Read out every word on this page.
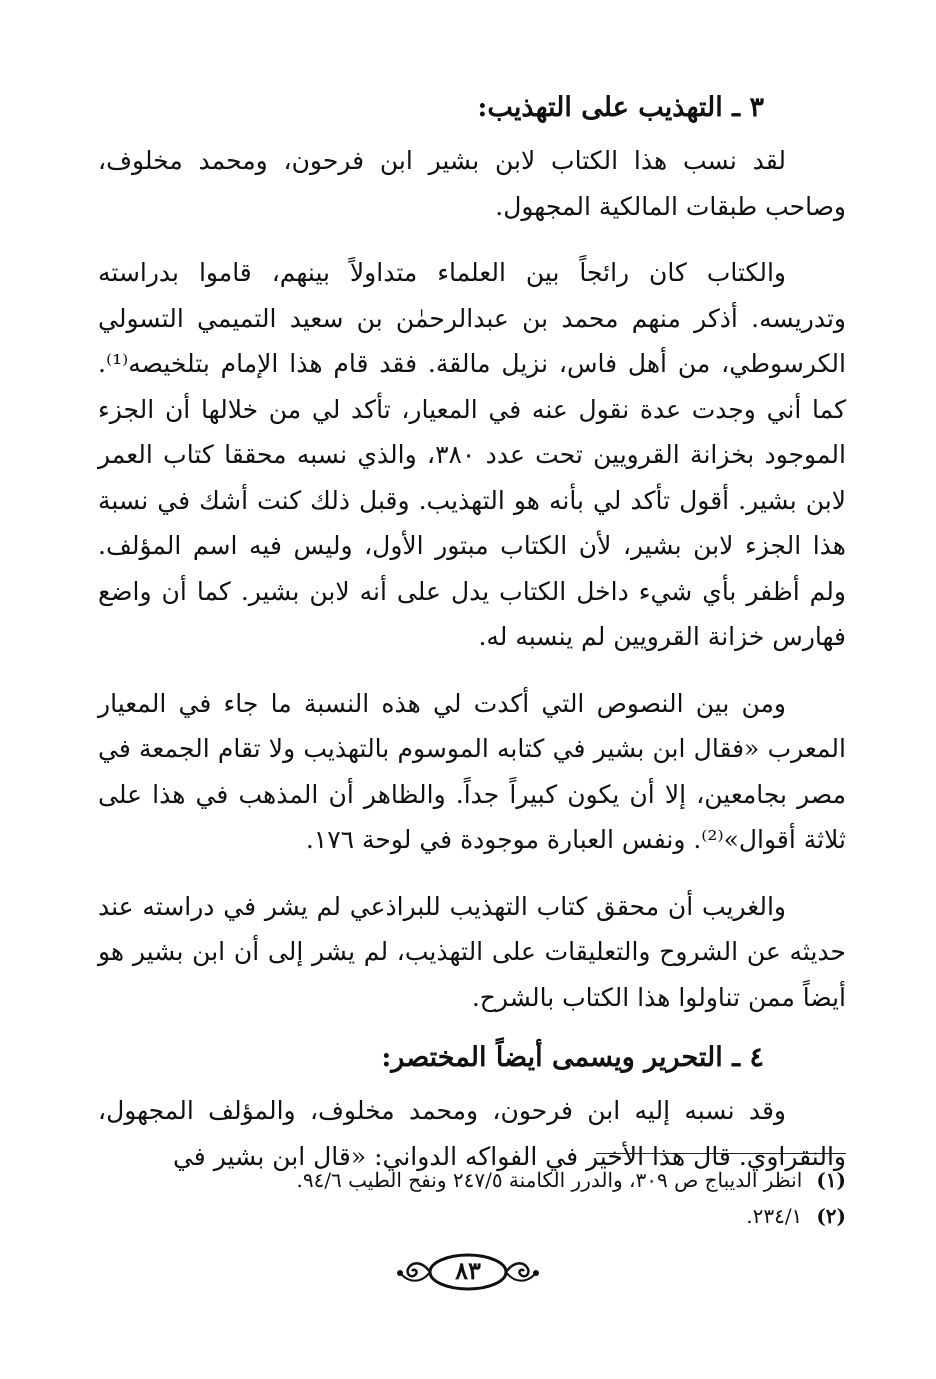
٣ ـ التهذيب على التهذيب:

لقد نسب هذا الكتاب لابن بشير ابن فرحون، ومحمد مخلوف، وصاحب طبقات المالكية المجهول.

والكتاب كان رائجاً بين العلماء متداولاً بينهم، قاموا بدراسته وتدريسه. أذكر منهم محمد بن عبدالرحمٰن بن سعيد التميمي التسولي الكرسوطي، من أهل فاس، نزيل مالقة. فقد قام هذا الإمام بتلخيصه⁽¹⁾. كما أني وجدت عدة نقول عنه في المعيار، تأكد لي من خلالها أن الجزء الموجود بخزانة القرويين تحت عدد ٣٨٠، والذي نسبه محققا كتاب العمر لابن بشير. أقول تأكد لي بأنه هو التهذيب. وقبل ذلك كنت أشك في نسبة هذا الجزء لابن بشير، لأن الكتاب مبتور الأول، وليس فيه اسم المؤلف. ولم أظفر بأي شيء داخل الكتاب يدل على أنه لابن بشير. كما أن واضع فهارس خزانة القرويين لم ينسبه له.

ومن بين النصوص التي أكدت لي هذه النسبة ما جاء في المعيار المعرب «فقال ابن بشير في كتابه الموسوم بالتهذيب ولا تقام الجمعة في مصر بجامعين، إلا أن يكون كبيراً جداً. والظاهر أن المذهب في هذا على ثلاثة أقوال»⁽²⁾. ونفس العبارة موجودة في لوحة ١٧٦.

والغريب أن محقق كتاب التهذيب للبراذعي لم يشر في دراسته عند حديثه عن الشروح والتعليقات على التهذيب، لم يشر إلى أن ابن بشير هو أيضاً ممن تناولوا هذا الكتاب بالشرح.

٤ ـ التحرير ويسمى أيضاً المختصر:

وقد نسبه إليه ابن فرحون، ومحمد مخلوف، والمؤلف المجهول، والنقراوي. قال هذا الأخير في الفواكه الدواني: «قال ابن بشير في

(١)
انظر الديباج ص ٣٠٩، والدرر الكامنة ٢٤٧/٥ ونفح الطيب ٩٤/٦.
(٢)
٢٣٤/١.
٨٣
